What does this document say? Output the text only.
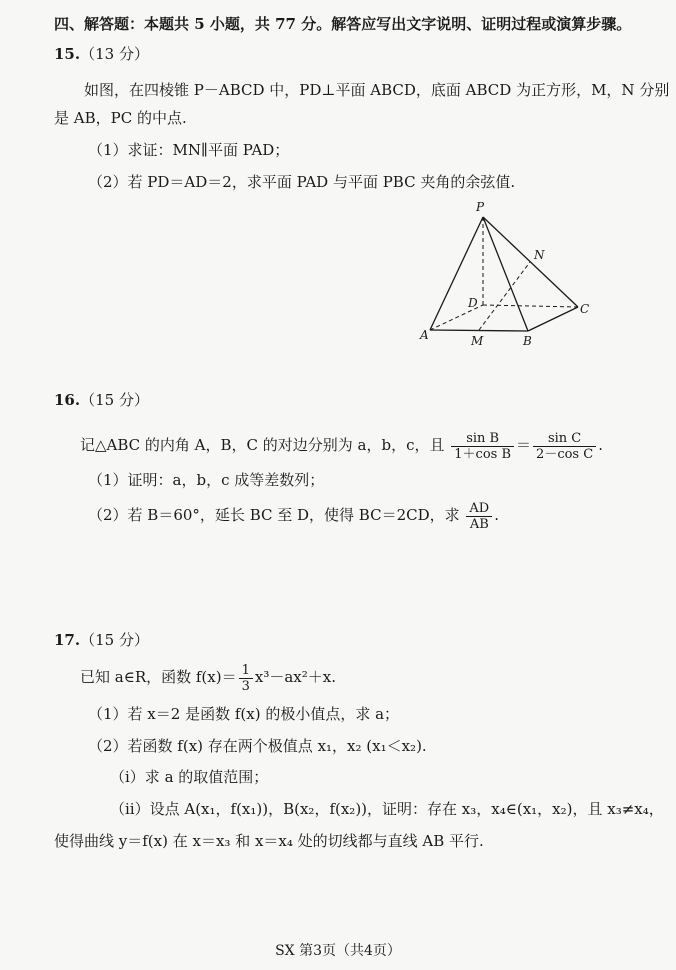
四、解答题：本题共 5 小题，共 77 分。解答应写出文字说明、证明过程或演算步骤。
15.（13 分）
如图，在四棱锥 P－ABCD 中，PD⊥平面 ABCD，底面 ABCD 为正方形，M，N 分别
是 AB，PC 的中点.
（1）求证：MN∥平面 PAD；
（2）若 PD＝AD＝2，求平面 PAD 与平面 PBC 夹角的余弦值.
P
N
D	C
A	M	B
16.（15 分）
记△ABC 的内角 A，B，C 的对边分别为 a，b，c，且 $\frac{\text{sin B}}{\text{1＋cos B}} = \frac{\text{sin C}}{\text{2－cos C}}$ .
（1）证明：a，b，c 成等差数列；
（2）若 B＝60°，延长 BC 至 D，使得 BC＝2CD，求 $\frac{AD}{AB}$ .
17.（15 分）
已知 a∈R，函数 $f(x)= \frac{1}{3} x^3-ax^2+x$.
（1）若 x＝2 是函数 f(x) 的极小值点，求 a；
（2）若函数 f(x) 存在两个极值点 x₁，x₂ (x₁＜x₂).
（ⅰ）求 a 的取值范围；
（ⅱ）设点 A(x₁，f(x₁))，B(x₂，f(x₂))，证明：存在 x₃，x₄∈(x₁，x₂)，且 x₃≠x₄，
使得曲线 y＝f(x) 在 x＝x₃ 和 x＝x₄ 处的切线都与直线 AB 平行.
SX 第3页（共4页）
